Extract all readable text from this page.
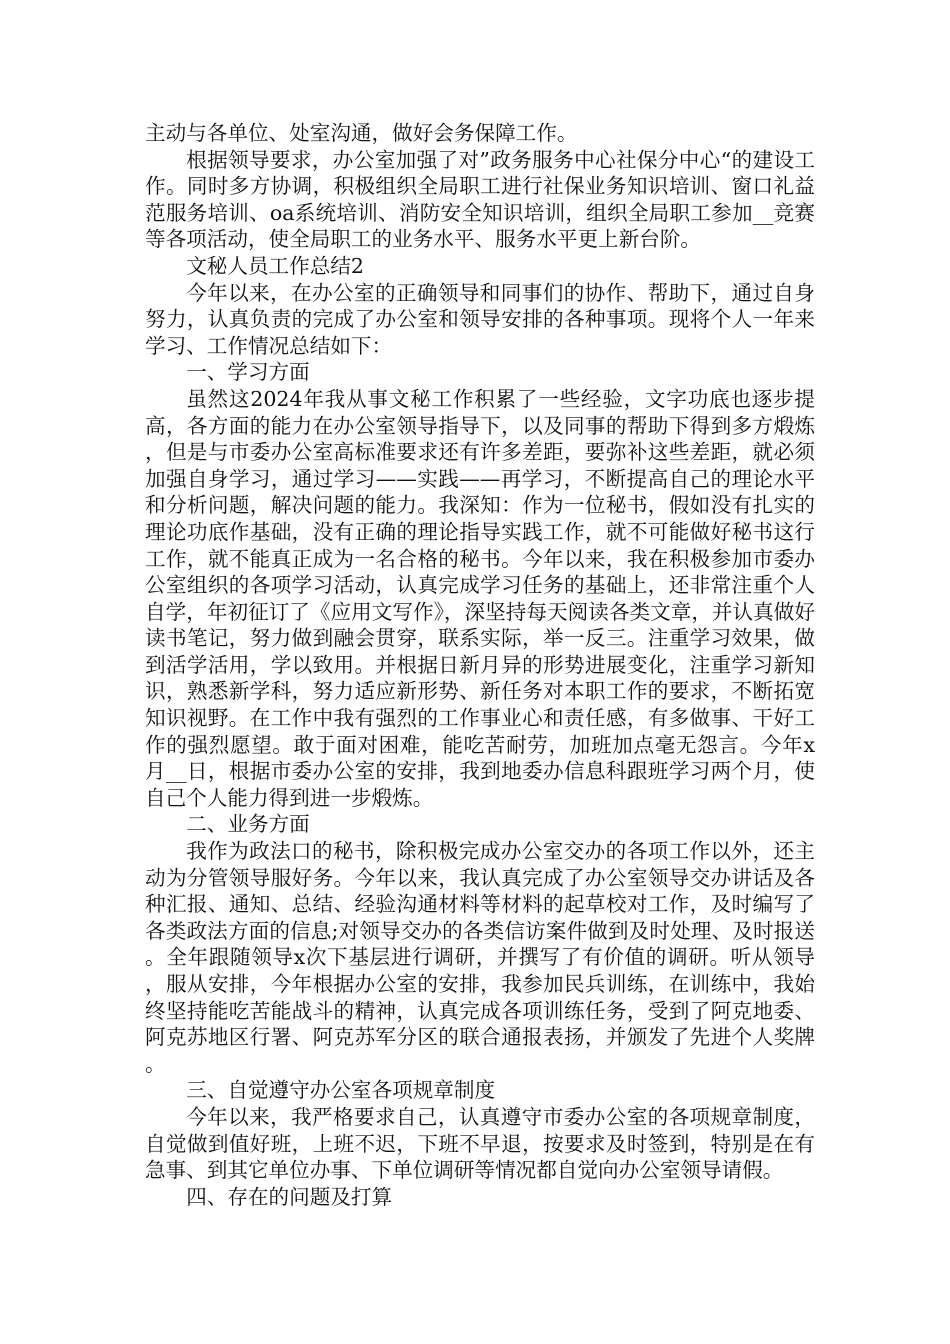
主动与各单位、处室沟通，做好会务保障工作。

根据领导要求，办公室加强了对”政务服务中心社保分中心“的建设工作。同时多方协调，积极组织全局职工进行社保业务知识培训、窗口礼益范服务培训、oa系统培训、消防安全知识培训，组织全局职工参加__竞赛等各项活动，使全局职工的业务水平、服务水平更上新台阶。

文秘人员工作总结2

今年以来，在办公室的正确领导和同事们的协作、帮助下，通过自身努力，认真负责的完成了办公室和领导安排的各种事项。现将个人一年来学习、工作情况总结如下：

一、学习方面

虽然这2024年我从事文秘工作积累了一些经验，文字功底也逐步提高，各方面的能力在办公室领导指导下，以及同事的帮助下得到多方煅炼，但是与市委办公室高标准要求还有许多差距，要弥补这些差距，就必须加强自身学习，通过学习——实践——再学习，不断提高自己的理论水平和分析问题，解决问题的能力。我深知：作为一位秘书，假如没有扎实的理论功底作基础，没有正确的理论指导实践工作，就不可能做好秘书这行工作，就不能真正成为一名合格的秘书。今年以来，我在积极参加市委办公室组织的各项学习活动，认真完成学习任务的基础上，还非常注重个人自学，年初征订了《应用文写作》，深坚持每天阅读各类文章，并认真做好读书笔记，努力做到融会贯穿，联系实际，举一反三。注重学习效果，做到活学活用，学以致用。并根据日新月异的形势进展变化，注重学习新知识，熟悉新学科，努力适应新形势、新任务对本职工作的要求，不断拓宽知识视野。在工作中我有强烈的工作事业心和责任感，有多做事、干好工作的强烈愿望。敢于面对困难，能吃苦耐劳，加班加点毫无怨言。今年x月__日，根据市委办公室的安排，我到地委办信息科跟班学习两个月，使自己个人能力得到进一步煅炼。

二、业务方面

我作为政法口的秘书，除积极完成办公室交办的各项工作以外，还主动为分管领导服好务。今年以来，我认真完成了办公室领导交办讲话及各种汇报、通知、总结、经验沟通材料等材料的起草校对工作，及时编写了各类政法方面的信息;对领导交办的各类信访案件做到及时处理、及时报送。全年跟随领导x次下基层进行调研，并撰写了有价值的调研。听从领导，服从安排，今年根据办公室的安排，我参加民兵训练，在训练中，我始终坚持能吃苦能战斗的精神，认真完成各项训练任务，受到了阿克地委、阿克苏地区行署、阿克苏军分区的联合通报表扬，并颁发了先进个人奖牌。

三、自觉遵守办公室各项规章制度

今年以来，我严格要求自己，认真遵守市委办公室的各项规章制度，自觉做到值好班，上班不迟，下班不早退，按要求及时签到，特别是在有急事、到其它单位办事、下单位调研等情况都自觉向办公室领导请假。

四、存在的问题及打算
